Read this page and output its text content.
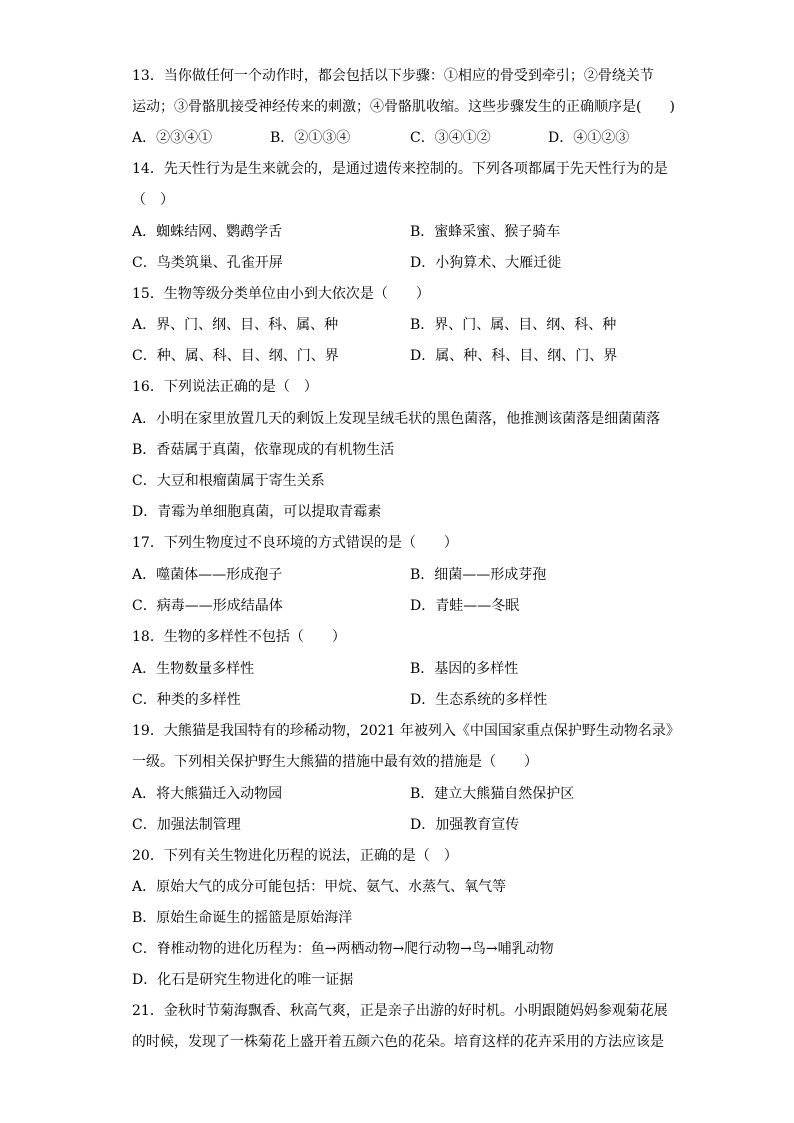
13．当你做任何一个动作时，都会包括以下步骤：①相应的骨受到牵引；②骨绕关节
运动；③骨骼肌接受神经传来的刺激；④骨骼肌收缩。这些步骤发生的正确顺序是(　　)
A．②③④①	B．②①③④	C．③④①②	D．④①②③
14．先天性行为是生来就会的，是通过遗传来控制的。下列各项都属于先天性行为的是
（　）
A．蜘蛛结网、鹦鹉学舌	B．蜜蜂采蜜、猴子骑车
C．鸟类筑巢、孔雀开屏	D．小狗算术、大雁迁徙
15．生物等级分类单位由小到大依次是（　　）
A．界、门、纲、目、科、属、种	B．界、门、属、目、纲、科、种
C．种、属、科、目、纲、门、界	D．属、种、科、目、纲、门、界
16．下列说法正确的是（　）
A．小明在家里放置几天的剩饭上发现呈绒毛状的黑色菌落，他推测该菌落是细菌菌落
B．香菇属于真菌，依靠现成的有机物生活
C．大豆和根瘤菌属于寄生关系
D．青霉为单细胞真菌，可以提取青霉素
17．下列生物度过不良环境的方式错误的是（　　）
A．噬菌体——形成孢子	B．细菌——形成芽孢
C．病毒——形成结晶体	D．青蛙——冬眠
18．生物的多样性不包括（　　）
A．生物数量多样性	B．基因的多样性
C．种类的多样性	D．生态系统的多样性
19．大熊猫是我国特有的珍稀动物，2021 年被列入《中国国家重点保护野生动物名录》
一级。下列相关保护野生大熊猫的措施中最有效的措施是（　　）
A．将大熊猫迁入动物园	B．建立大熊猫自然保护区
C．加强法制管理	D．加强教育宣传
20．下列有关生物进化历程的说法，正确的是（　）
A．原始大气的成分可能包括：甲烷、氨气、水蒸气、氧气等
B．原始生命诞生的摇篮是原始海洋
C．脊椎动物的进化历程为：鱼→两栖动物→爬行动物→鸟→哺乳动物
D．化石是研究生物进化的唯一证据
21．金秋时节菊海飘香、秋高气爽，正是亲子出游的好时机。小明跟随妈妈参观菊花展
的时候，发现了一株菊花上盛开着五颜六色的花朵。培育这样的花卉采用的方法应该是
